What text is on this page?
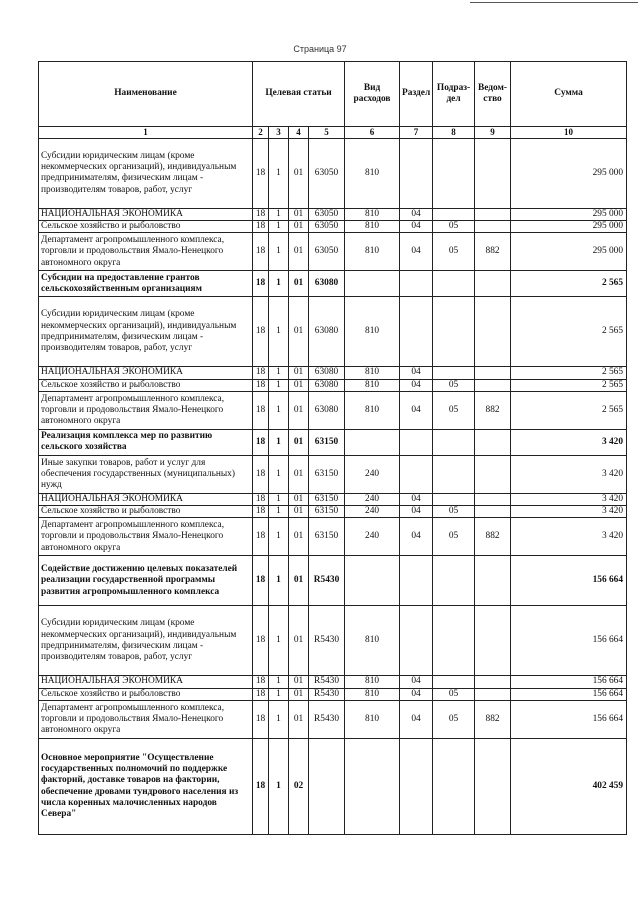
Страница 97
Наименование	Целевая статьи				Вид расходов	Раздел	Подраз-дел	Ведом-ство	Сумма
1	2	3	4	5	6	7	8	9	10
Субсидии юридическим лицам (кроме некоммерческих организаций), индивидуальным предпринимателям, физическим лицам - производителям товаров, работ, услуг	18	1	01	63050	810				295 000
НАЦИОНАЛЬНАЯ ЭКОНОМИКА	18	1	01	63050	810	04			295 000
Сельское хозяйство и рыболовство	18	1	01	63050	810	04	05		295 000
Департамент агропромышленного комплекса, торговли и продовольствия Ямало-Ненецкого автономного округа	18	1	01	63050	810	04	05	882	295 000
Субсидии на предоставление грантов сельскохозяйственным организациям	18	1	01	63080					2 565
Субсидии юридическим лицам (кроме некоммерческих организаций), индивидуальным предпринимателям, физическим лицам - производителям товаров, работ, услуг	18	1	01	63080	810				2 565
НАЦИОНАЛЬНАЯ ЭКОНОМИКА	18	1	01	63080	810	04			2 565
Сельское хозяйство и рыболовство	18	1	01	63080	810	04	05		2 565
Департамент агропромышленного комплекса, торговли и продовольствия Ямало-Ненецкого автономного округа	18	1	01	63080	810	04	05	882	2 565
Реализация комплекса мер по развитию сельского хозяйства	18	1	01	63150					3 420
Иные закупки товаров, работ и услуг для обеспечения государственных (муниципальных) нужд	18	1	01	63150	240				3 420
НАЦИОНАЛЬНАЯ ЭКОНОМИКА	18	1	01	63150	240	04			3 420
Сельское хозяйство и рыболовство	18	1	01	63150	240	04	05		3 420
Департамент агропромышленного комплекса, торговли и продовольствия Ямало-Ненецкого автономного округа	18	1	01	63150	240	04	05	882	3 420
Содействие достижению целевых показателей реализации государственной программы развития агропромышленного комплекса	18	1	01	R5430					156 664
Субсидии юридическим лицам (кроме некоммерческих организаций), индивидуальным предпринимателям, физическим лицам - производителям товаров, работ, услуг	18	1	01	R5430	810				156 664
НАЦИОНАЛЬНАЯ ЭКОНОМИКА	18	1	01	R5430	810	04			156 664
Сельское хозяйство и рыболовство	18	1	01	R5430	810	04	05		156 664
Департамент агропромышленного комплекса, торговли и продовольствия Ямало-Ненецкого автономного округа	18	1	01	R5430	810	04	05	882	156 664
Основное мероприятие "Осуществление государственных полномочий по поддержке факторий, доставке товаров на фактории, обеспечение дровами тундрового населения из числа коренных малочисленных народов Севера"	18	1	02						402 459
